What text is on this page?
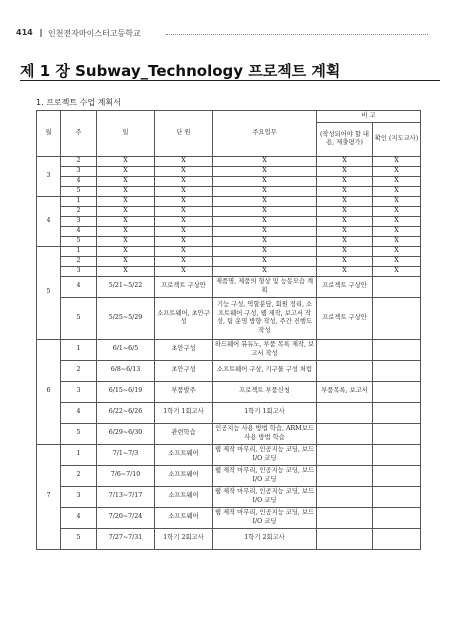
414 인천전자마이스터고등학교
제 1 장 Subway_Technology 프로젝트 계획
1. 프로젝트 수업 계획서
월	주	일	단 원	주요업무	비 고	
					(작성되어야 할 내용, 제출평가)	확인 (지도교사)
3	2	X	X	X	X	X
	3	X	X	X	X	X
	4	X	X	X	X	X
	5	X	X	X	X	X
4	1	X	X	X	X	X
	2	X	X	X	X	X
	3	X	X	X	X	X
	4	X	X	X	X	X
	5	X	X	X	X	X
5	1	X	X	X	X	X
	2	X	X	X	X	X
	3	X	X	X	X	X
	4	5/21~5/22	프로젝트 구상안	제품명, 제품의 형상 및 능동모습 계획	프로젝트 구상안	
	5	5/25~5/29	소프트웨어, 초안구성	기능 구성, 역할분담, 회원 정리, 소프트웨어 구성, 웹 제작, 보고서 작성, 팀 운영 방향 작성, 주간 진행도 작성	프로젝트 구상안	
6	1	6/1~6/5	초안구성	하드웨어 뮤듀노, 부품 목록 제작, 보고서 작성		
	2	6/8~6/13	초안구성	소프트웨어 구상, 기구물 구성 처럼		
	3	6/15~6/19	부품발주	프로젝트 부품신청	부품목록, 보고서	
	4	6/22~6/26	1학기 1회고사	1학기 1회고사		
	5	6/29~6/30	관련학습	인공지능 사용 방법 학습, ARM보드 사용 방법 학습		
7	1	7/1~7/3	소프트웨어	웹 제작 마무리, 인공지능 코딩, 보드 I/O 코딩		
	2	7/6~7/10	소프트웨어	웹 제작 마무리, 인공지능 코딩, 보드 I/O 코딩		
	3	7/13~7/17	소프트웨어	웹 제작 마무리, 인공지능 코딩, 보드 I/O 코딩		
	4	7/20~7/24	소프트웨어	웹 제작 마무리, 인공지능 코딩, 보드 I/O 코딩		
	5	7/27~7/31	1학기 2회고사	1학기 2회고사		
